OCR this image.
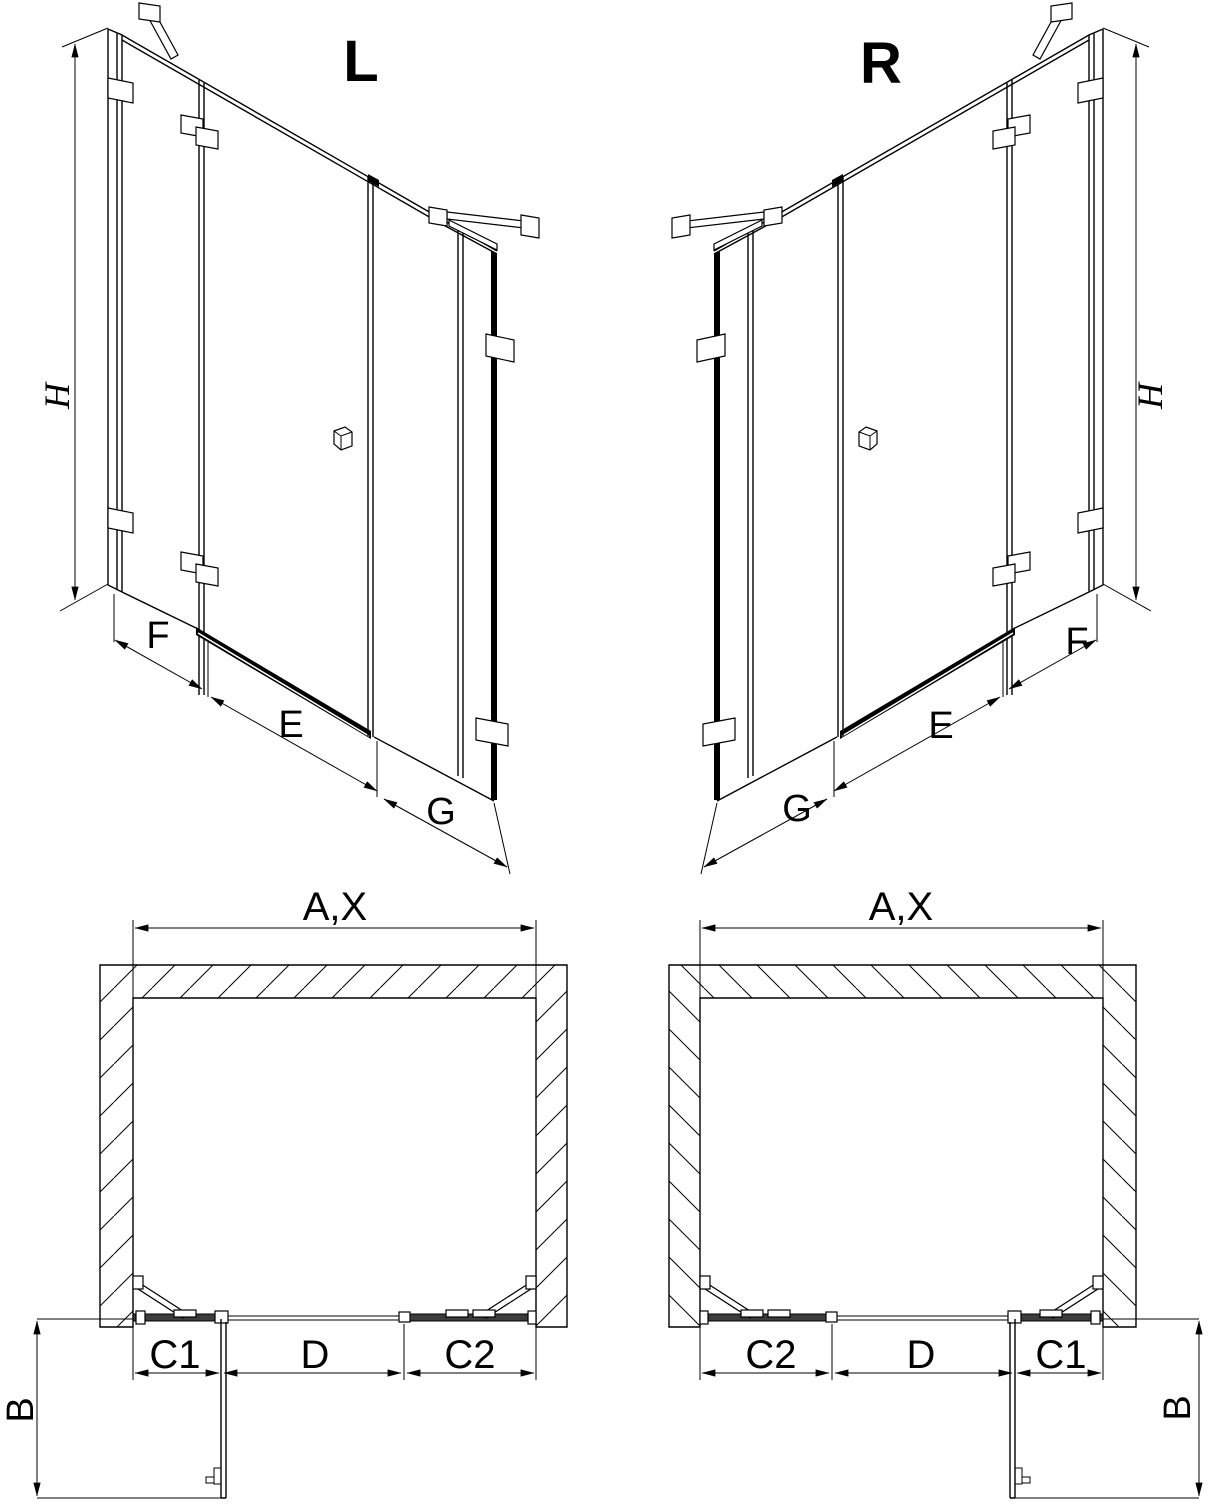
L
H
F
E
G
R
H
F
E
G
A,X
C1 D	C2
B
A,X
C2	D C1
B
